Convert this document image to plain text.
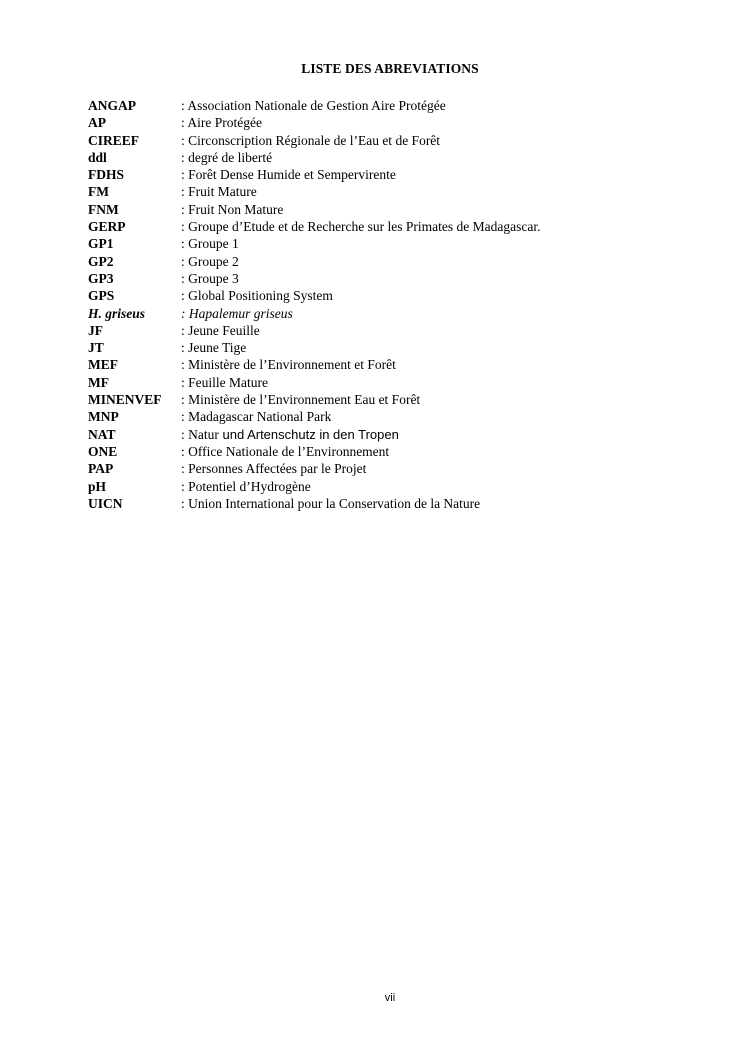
LISTE DES ABREVIATIONS
ANGAP	: Association Nationale de Gestion Aire Protégée
AP	: Aire Protégée
CIREEF	: Circonscription Régionale de l’Eau et de Forêt
ddl	: degré de liberté
FDHS	: Forêt Dense Humide et Sempervirente
FM	: Fruit Mature
FNM	: Fruit Non Mature
GERP	: Groupe d’Etude et de Recherche sur les Primates de Madagascar.
GP1	: Groupe 1
GP2	: Groupe 2
GP3	: Groupe 3
GPS	: Global Positioning System
H. griseus	: Hapalemur griseus
JF	: Jeune Feuille
JT	: Jeune Tige
MEF	: Ministère de l’Environnement et Forêt
MF	: Feuille Mature
MINENVEF : Ministère de l’Environnement Eau et Forêt
MNP	: Madagascar National Park
NAT	: Natur und Artenschutz in den Tropen
ONE	: Office Nationale de l’Environnement
PAP	: Personnes Affectées par le Projet
pH	: Potentiel d’Hydrogène
UICN	: Union International pour la Conservation de la Nature
vii
